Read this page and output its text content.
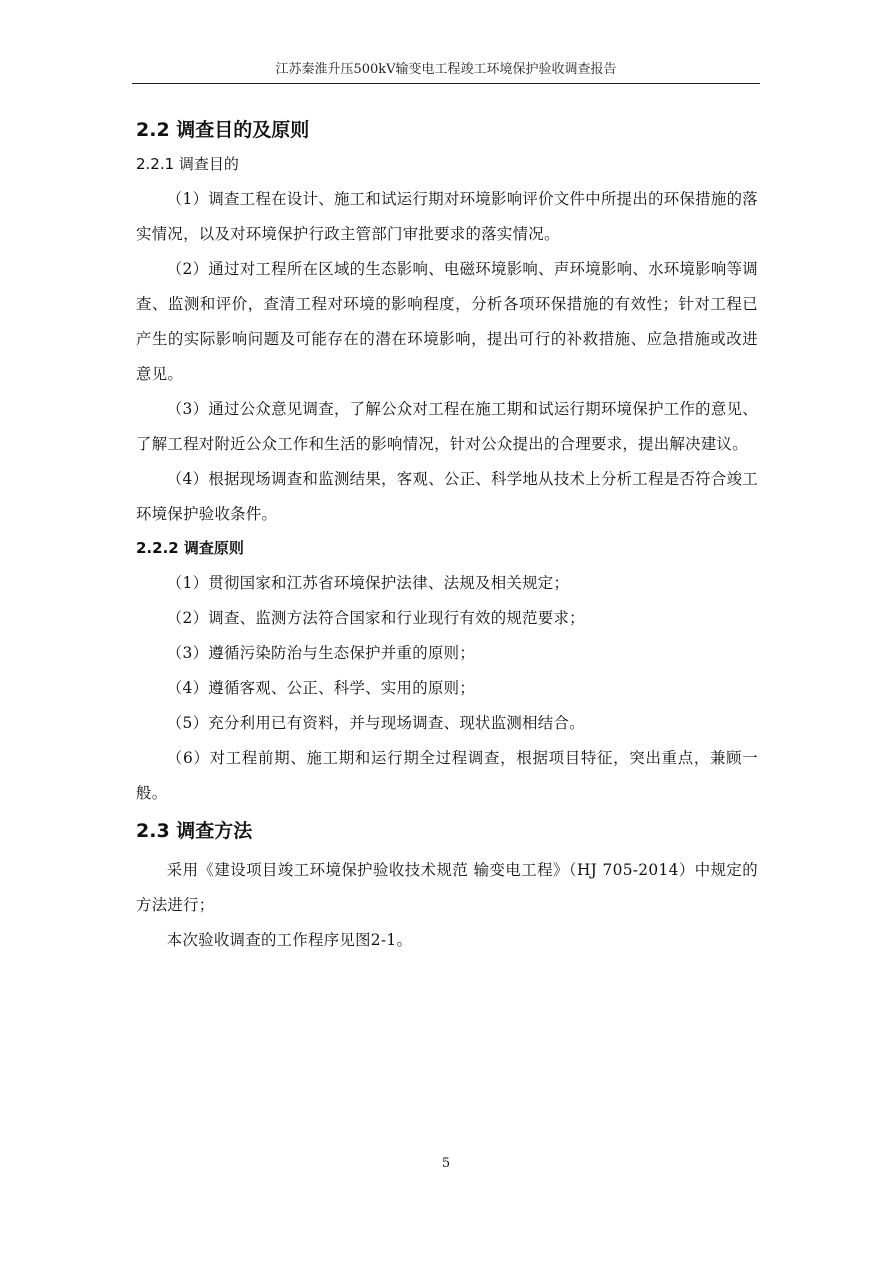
江苏秦淮升压500kV输变电工程竣工环境保护验收调查报告
2.2 调查目的及原则
2.2.1 调查目的

（1）调查工程在设计、施工和试运行期对环境影响评价文件中所提出的环保措施的落实情况，以及对环境保护行政主管部门审批要求的落实情况。

（2）通过对工程所在区域的生态影响、电磁环境影响、声环境影响、水环境影响等调查、监测和评价，查清工程对环境的影响程度，分析各项环保措施的有效性；针对工程已产生的实际影响问题及可能存在的潜在环境影响，提出可行的补救措施、应急措施或改进意见。

（3）通过公众意见调查，了解公众对工程在施工期和试运行期环境保护工作的意见、了解工程对附近公众工作和生活的影响情况，针对公众提出的合理要求，提出解决建议。

（4）根据现场调查和监测结果，客观、公正、科学地从技术上分析工程是否符合竣工环境保护验收条件。

2.2.2 调查原则

（1）贯彻国家和江苏省环境保护法律、法规及相关规定；

（2）调查、监测方法符合国家和行业现行有效的规范要求；

（3）遵循污染防治与生态保护并重的原则；

（4）遵循客观、公正、科学、实用的原则；

（5）充分利用已有资料，并与现场调查、现状监测相结合。

（6）对工程前期、施工期和运行期全过程调查，根据项目特征，突出重点，兼顾一般。

2.3 调查方法

采用《建设项目竣工环境保护验收技术规范 输变电工程》（HJ 705-2014）中规定的方法进行；

本次验收调查的工作程序见图2-1。

5
